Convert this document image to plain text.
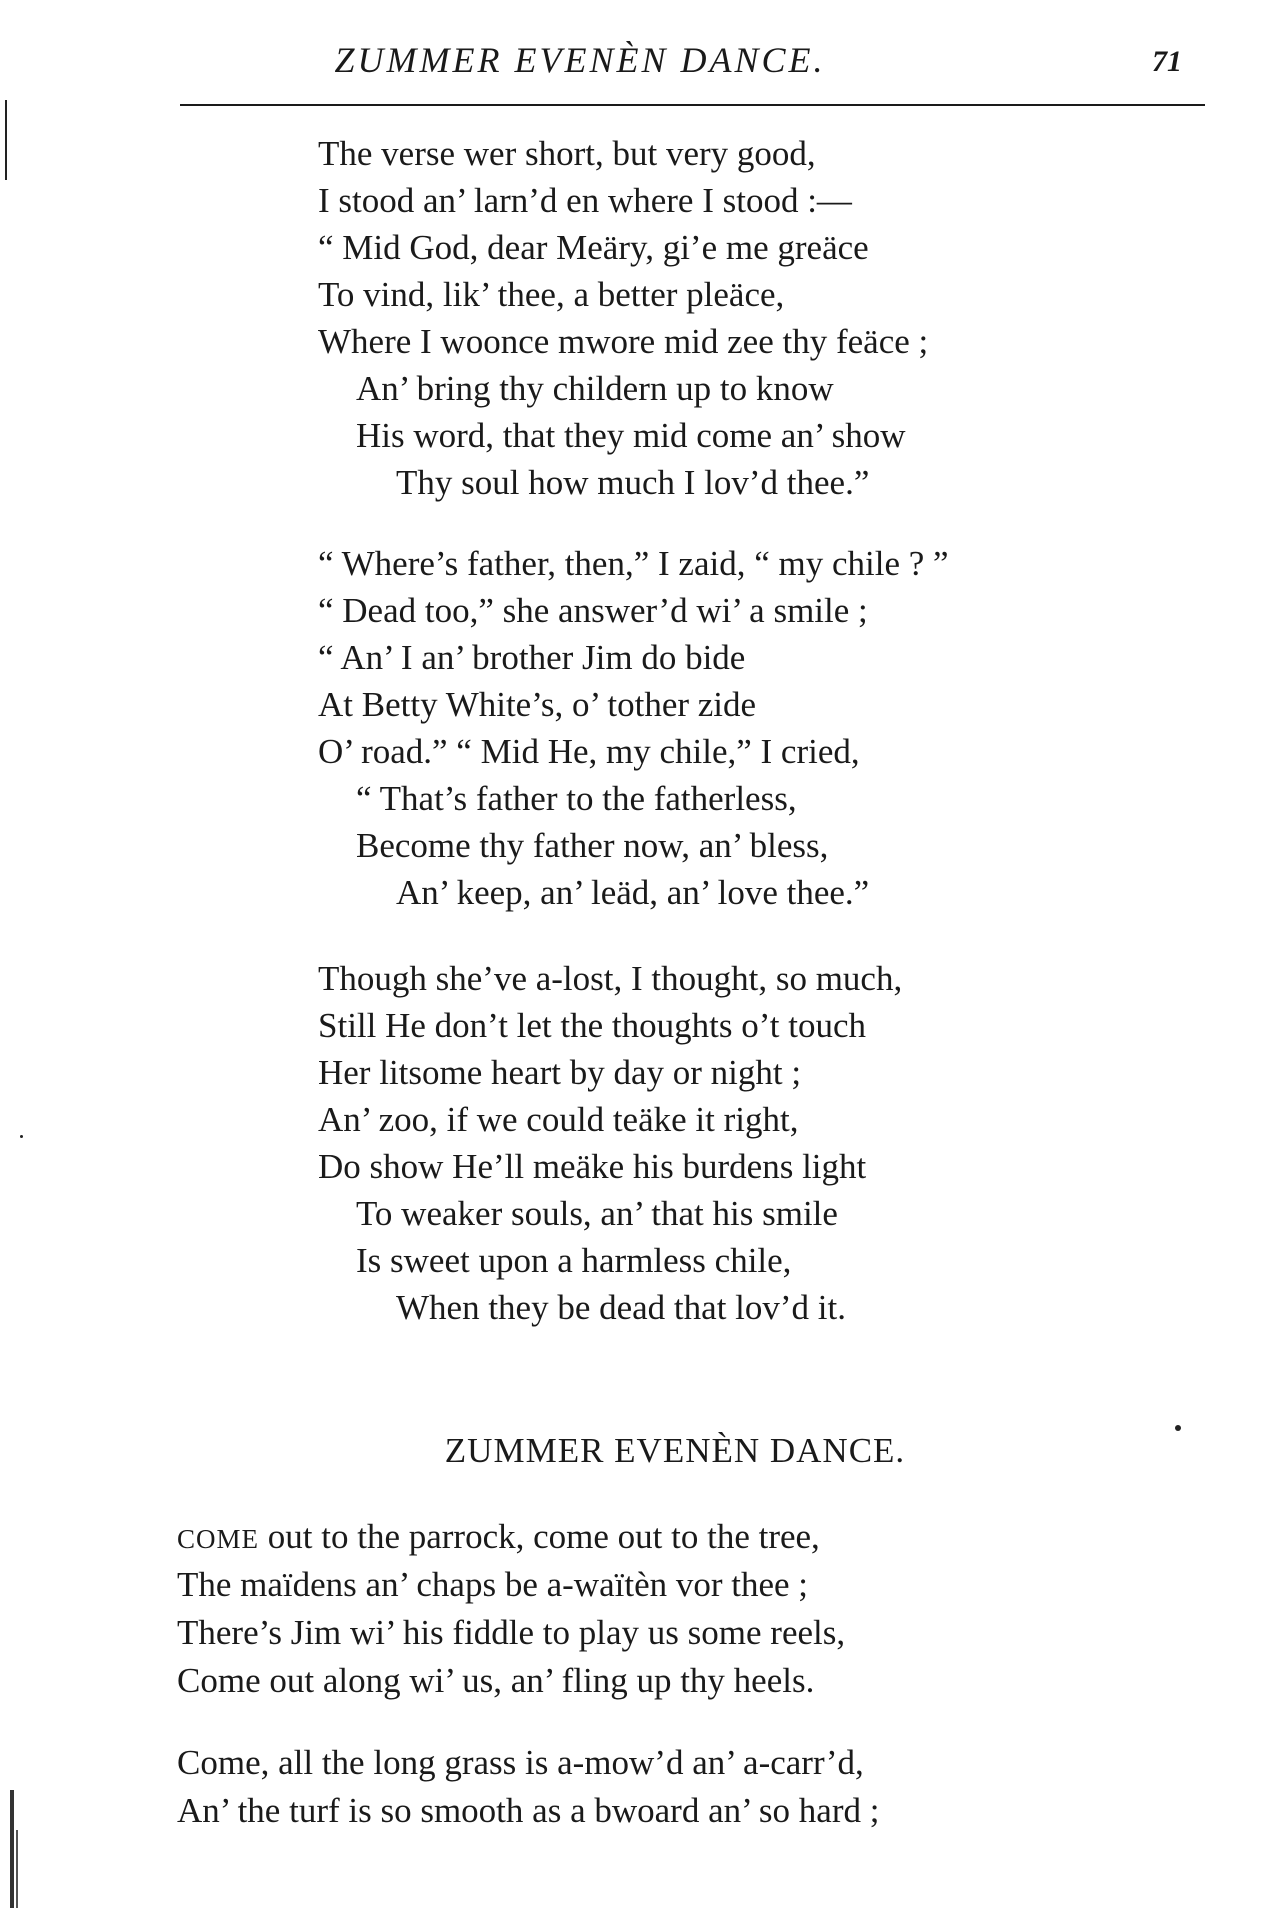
ZUMMER EVENÈN DANCE.	71
The verse wer short, but very good,
I stood an’ larn’d en where I stood :—
“ Mid God, dear Meäry, gi’e me greäce
To vind, lik’ thee, a better pleäce,
Where I woonce mwore mid zee thy feäce ;
An’ bring thy childern up to know
His word, that they mid come an’ show
Thy soul how much I lov’d thee.”
“ Where’s father, then,” I zaid, “ my chile ? ”
“ Dead too,” she answer’d wi’ a smile ;
“ An’ I an’ brother Jim do bide
At Betty White’s, o’ tother zide
O’ road.” “ Mid He, my chile,” I cried,
“ That’s father to the fatherless,
Become thy father now, an’ bless,
An’ keep, an’ leäd, an’ love thee.”
Though she’ve a-lost, I thought, so much,
Still He don’t let the thoughts o’t touch
Her litsome heart by day or night ;
An’ zoo, if we could teäke it right,
Do show He’ll meäke his burdens light
To weaker souls, an’ that his smile
Is sweet upon a harmless chile,
When they be dead that lov’d it.
ZUMMER EVENÈN DANCE.
COME out to the parrock, come out to the tree,
The maïdens an’ chaps be a-waïtèn vor thee ;
There’s Jim wi’ his fiddle to play us some reels,
Come out along wi’ us, an’ fling up thy heels.
Come, all the long grass is a-mow’d an’ a-carr’d,
An’ the turf is so smooth as a bwoard an’ so hard ;
